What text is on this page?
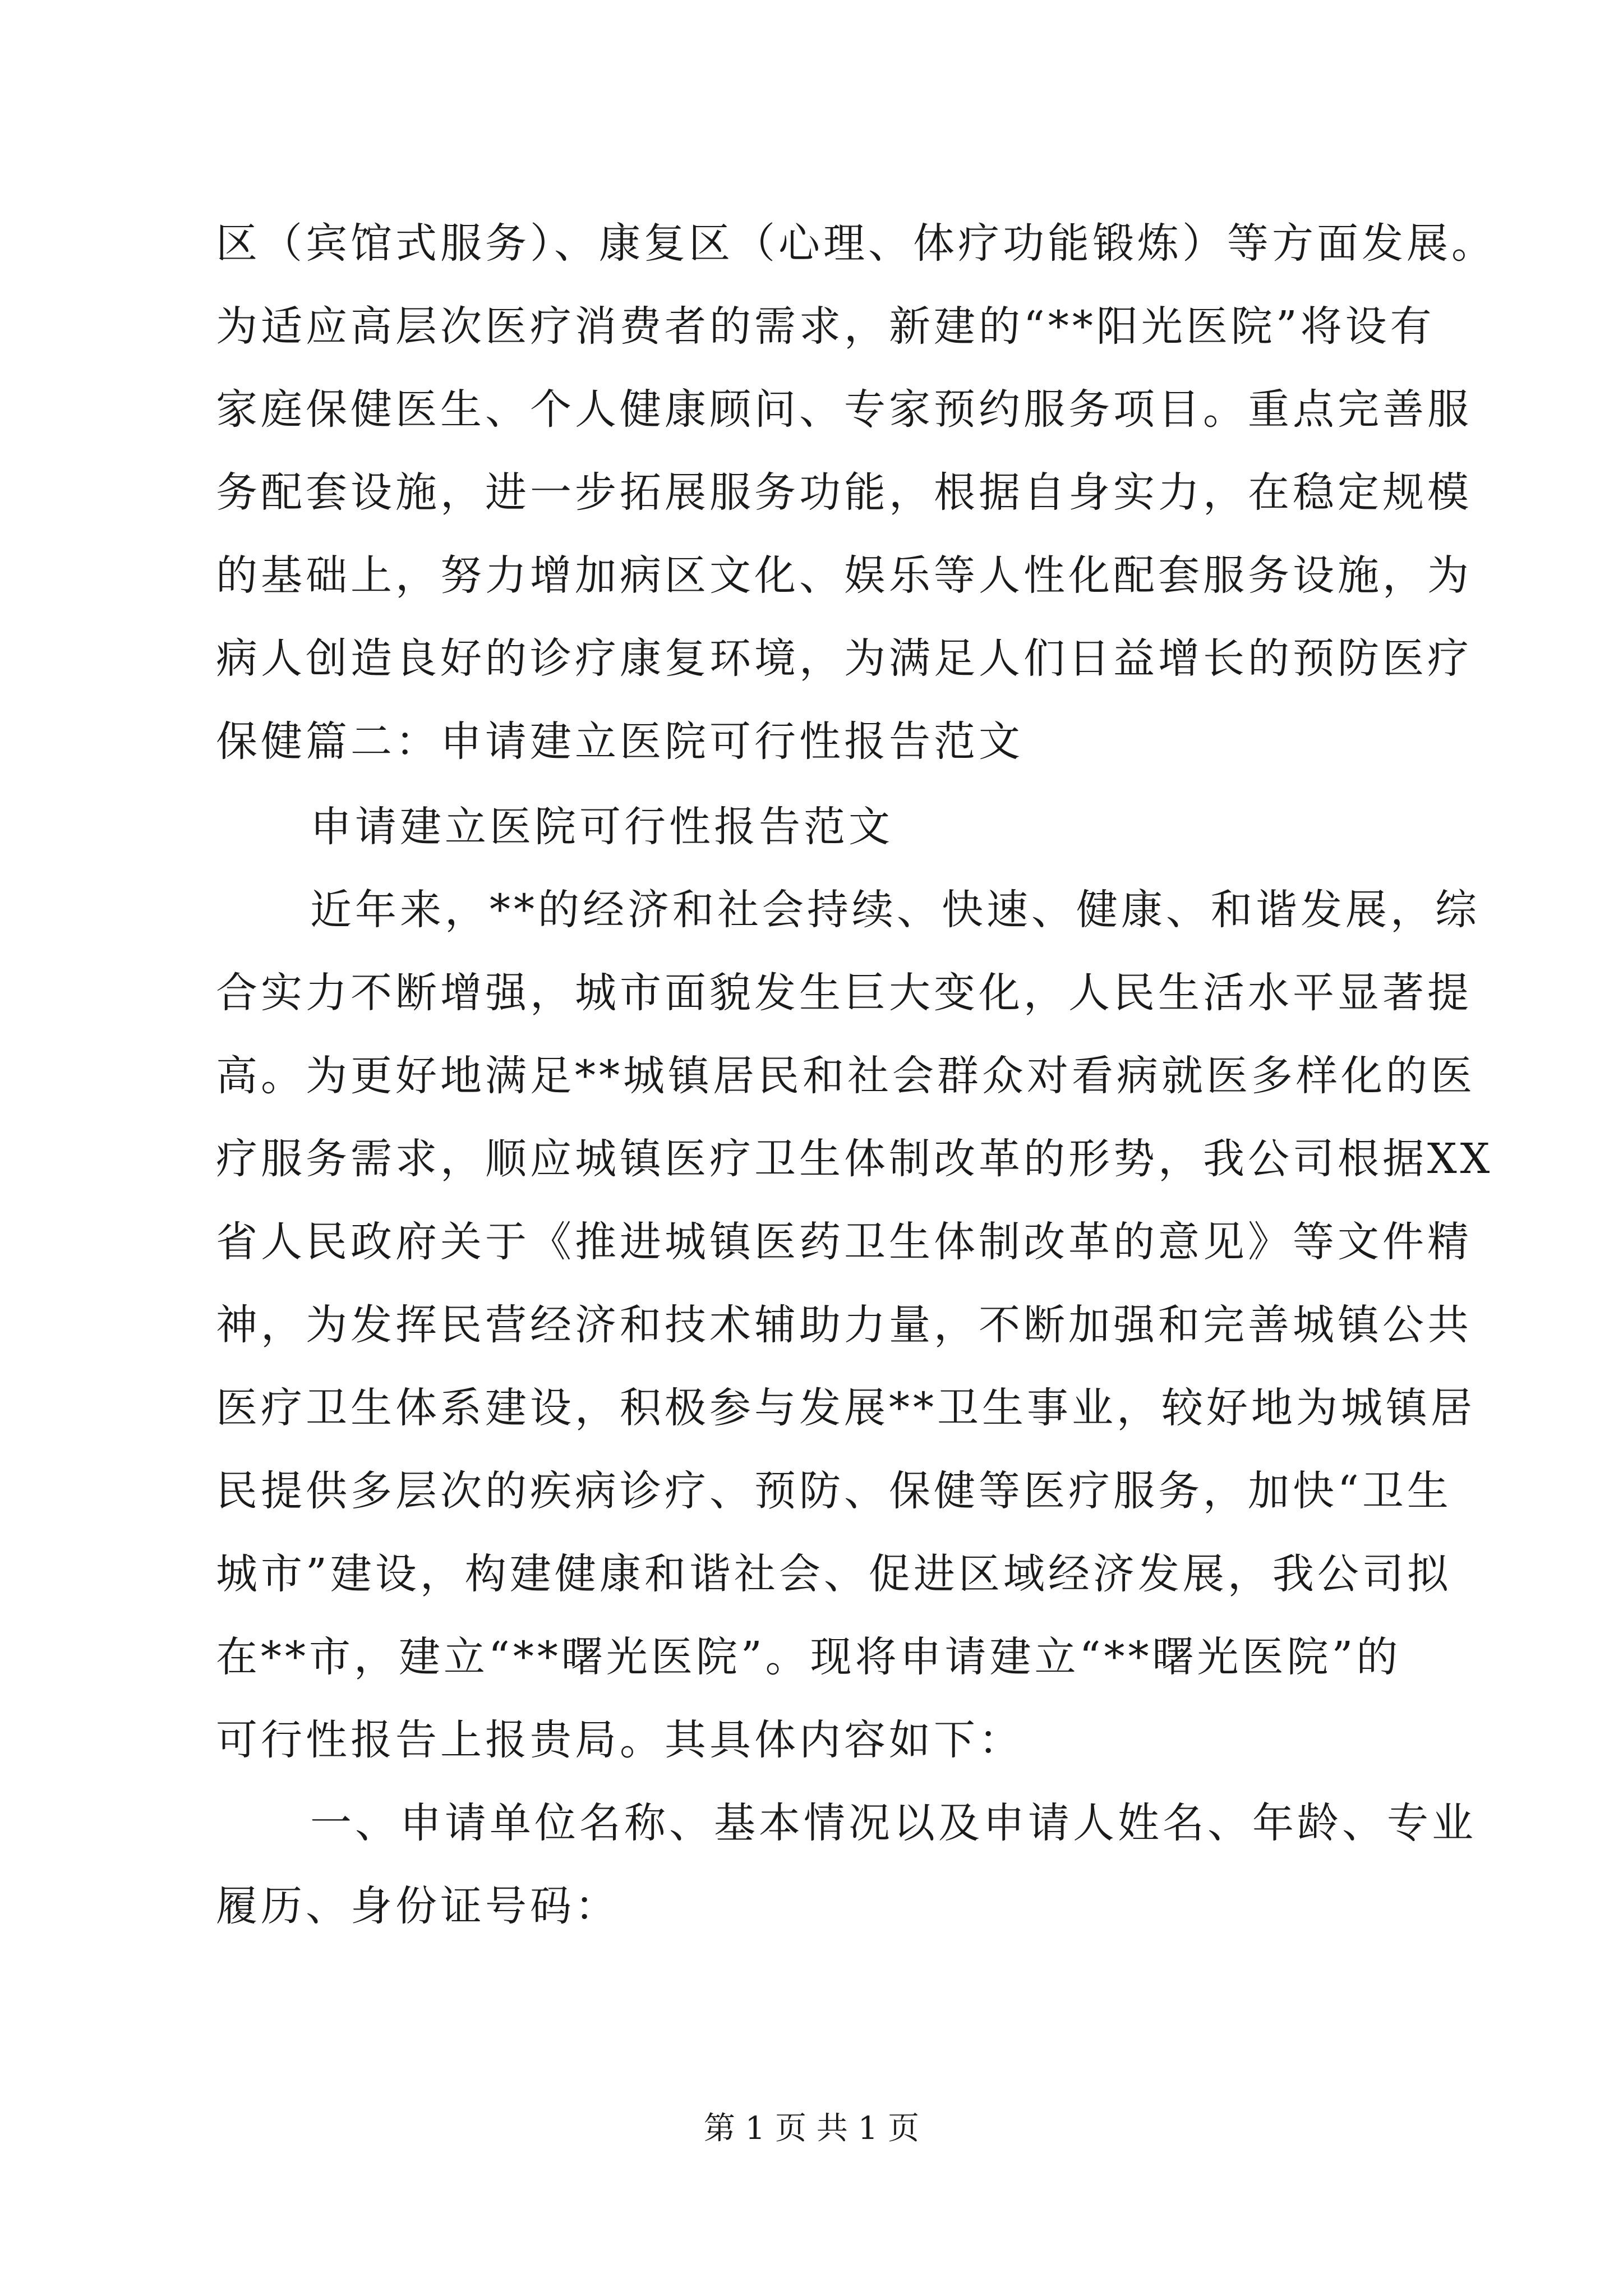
区（宾馆式服务）、康复区（心理、体疗功能锻炼）等方面发展。
为适应高层次医疗消费者的需求，新建的“**阳光医院”将设有
家庭保健医生、个人健康顾问、专家预约服务项目。重点完善服
务配套设施，进一步拓展服务功能，根据自身实力，在稳定规模
的基础上，努力增加病区文化、娱乐等人性化配套服务设施，为
病人创造良好的诊疗康复环境，为满足人们日益增长的预防医疗
保健篇二：申请建立医院可行性报告范文
申请建立医院可行性报告范文
近年来，**的经济和社会持续、快速、健康、和谐发展，综
合实力不断增强，城市面貌发生巨大变化，人民生活水平显著提
高。为更好地满足**城镇居民和社会群众对看病就医多样化的医
疗服务需求，顺应城镇医疗卫生体制改革的形势，我公司根据XX
省人民政府关于《推进城镇医药卫生体制改革的意见》等文件精
神，为发挥民营经济和技术辅助力量，不断加强和完善城镇公共
医疗卫生体系建设，积极参与发展**卫生事业，较好地为城镇居
民提供多层次的疾病诊疗、预防、保健等医疗服务，加快“卫生
城市”建设，构建健康和谐社会、促进区域经济发展，我公司拟
在**市，建立“**曙光医院”。现将申请建立“**曙光医院”的
可行性报告上报贵局。其具体内容如下：
一、申请单位名称、基本情况以及申请人姓名、年龄、专业
履历、身份证号码：
第 1 页 共 1 页
